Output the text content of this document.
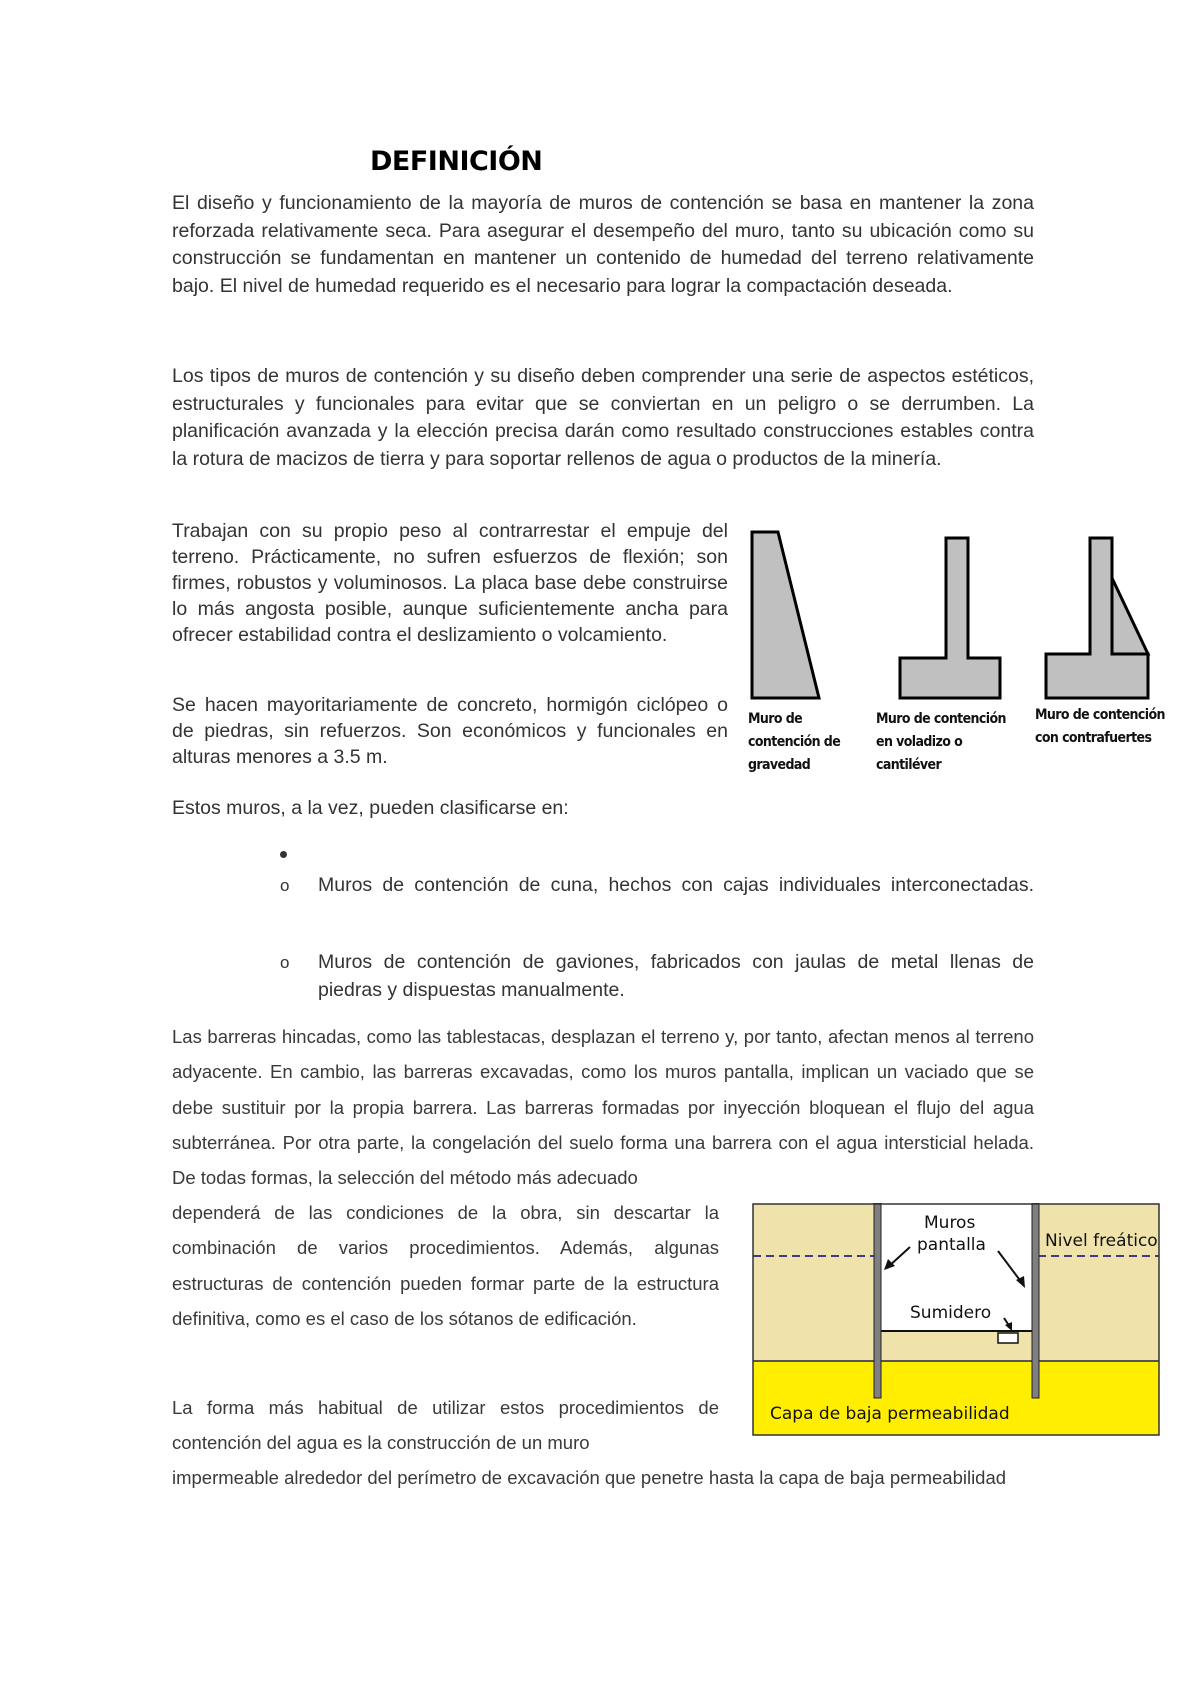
DEFINICIÓN

El diseño y funcionamiento de la mayoría de muros de contención se basa en mantener la zona reforzada relativamente seca. Para asegurar el desempeño del muro, tanto su ubicación como su construcción se fundamentan en mantener un contenido de humedad del terreno relativamente bajo. El nivel de humedad requerido es el necesario para lograr la compactación deseada.

Los tipos de muros de contención y su diseño deben comprender una serie de aspectos estéticos, estructurales y funcionales para evitar que se conviertan en un peligro o se derrumben. La planificación avanzada y la elección precisa darán como resultado construcciones estables contra la rotura de macizos de tierra y para soportar rellenos de agua o productos de la minería.

Trabajan con su propio peso al contrarrestar el empuje del terreno. Prácticamente, no sufren esfuerzos de flexión; son firmes, robustos y voluminosos. La placa base debe construirse lo más angosta posible, aunque suficientemente ancha para ofrecer estabilidad contra el deslizamiento o volcamiento.

Se hacen mayoritariamente de concreto, hormigón ciclópeo o de piedras, sin refuerzos. Son económicos y funcionales en alturas menores a 3.5 m.

Estos muros, a la vez, pueden clasificarse en:

Muro de contención de gravedad
Muro de contención en voladizo o cantiléver
Muro de contención con contrafuertes
o Muros de contención de cuna, hechos con cajas individuales interconectadas.
o Muros de contención de gaviones, fabricados con jaulas de metal llenas de piedras y dispuestas manualmente.

Las barreras hincadas, como las tablestacas, desplazan el terreno y, por tanto, afectan menos al terreno adyacente. En cambio, las barreras excavadas, como los muros pantalla, implican un vaciado que se debe sustituir por la propia barrera. Las barreras formadas por inyección bloquean el flujo del agua subterránea. Por otra parte, la congelación del suelo forma una barrera con el agua intersticial helada. De todas formas, la selección del método más adecuado

dependerá de las condiciones de la obra, sin descartar la combinación de varios procedimientos. Además, algunas estructuras de contención pueden formar parte de la estructura definitiva, como es el caso de los sótanos de edificación.

La forma más habitual de utilizar estos procedimientos de contención del agua es la construcción de un muro

impermeable alrededor del perímetro de excavación que penetre hasta la capa de baja permeabilidad

Muros
pantalla	Nivel freático
Sumidero
Capa de baja permeabilidad
